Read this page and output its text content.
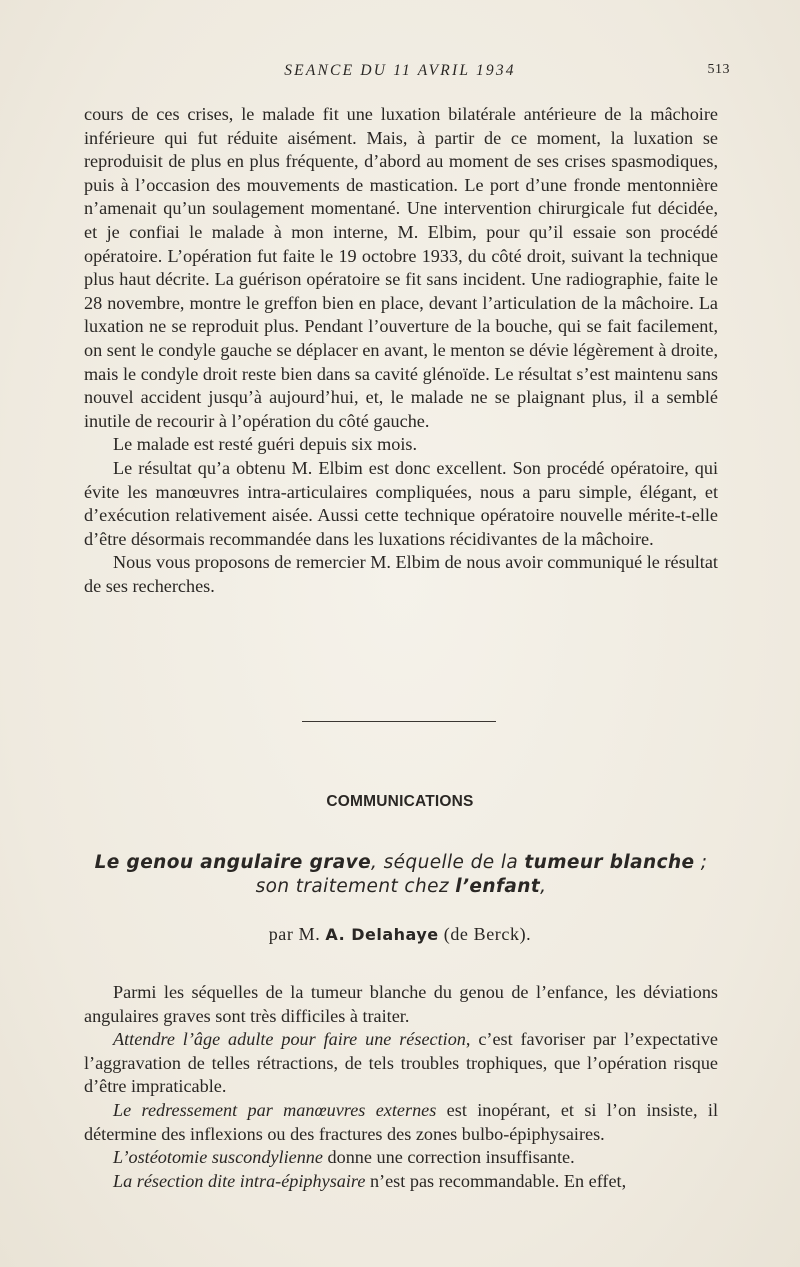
SEANCE DU 11 AVRIL 1934	513

cours de ces crises, le malade fit une luxation bilatérale antérieure de la mâchoire inférieure qui fut réduite aisément. Mais, à partir de ce moment, la luxation se reproduisit de plus en plus fréquente, d’abord au moment de ses crises spasmodiques, puis à l’occasion des mouvements de mastication. Le port d’une fronde mentonnière n’amenait qu’un soulagement momentané. Une intervention chirurgicale fut décidée, et je confiai le malade à mon interne, M. Elbim, pour qu’il essaie son procédé opératoire. L’opération fut faite le 19 octobre 1933, du côté droit, suivant la technique plus haut décrite. La guérison opératoire se fit sans incident. Une radiographie, faite le 28 novembre, montre le greffon bien en place, devant l’articulation de la mâchoire. La luxation ne se reproduit plus. Pendant l’ouverture de la bouche, qui se fait facilement, on sent le condyle gauche se déplacer en avant, le menton se dévie légèrement à droite, mais le condyle droit reste bien dans sa cavité glénoïde. Le résultat s’est maintenu sans nouvel accident jusqu’à aujourd’hui, et, le malade ne se plaignant plus, il a semblé inutile de recourir à l’opération du côté gauche.

Le malade est resté guéri depuis six mois.

Le résultat qu’a obtenu M. Elbim est donc excellent. Son procédé opératoire, qui évite les manœuvres intra-articulaires compliquées, nous a paru simple, élégant, et d’exécution relativement aisée. Aussi cette technique opératoire nouvelle mérite-t-elle d’être désormais recommandée dans les luxations récidivantes de la mâchoire.

Nous vous proposons de remercier M. Elbim de nous avoir communiqué le résultat de ses recherches.

COMMUNICATIONS
Le genou angulaire grave, séquelle de la tumeur blanche ;
son traitement chez l’enfant,
par M. A. Delahaye (de Berck).

Parmi les séquelles de la tumeur blanche du genou de l’enfance, les déviations angulaires graves sont très difficiles à traiter.

Attendre l’âge adulte pour faire une résection, c’est favoriser par l’expectative l’aggravation de telles rétractions, de tels troubles trophiques, que l’opération risque d’être impraticable.

Le redressement par manœuvres externes est inopérant, et si l’on insiste, il détermine des inflexions ou des fractures des zones bulbo-épiphysaires.

L’ostéotomie suscondylienne donne une correction insuffisante.

La résection dite intra-épiphysaire n’est pas recommandable. En effet,
